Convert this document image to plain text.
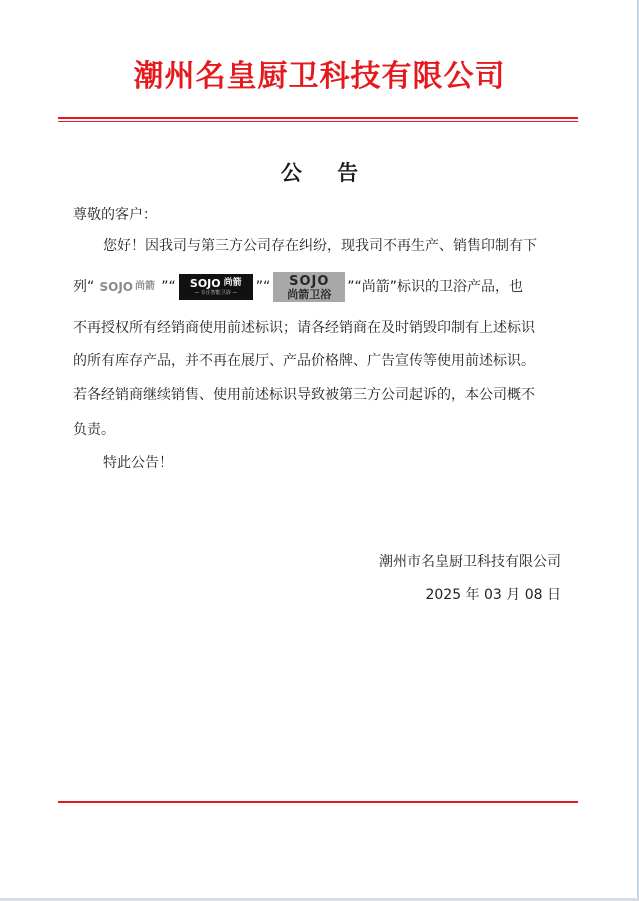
潮州名皇厨卫科技有限公司
公 告
尊敬的客户：
您好！因我司与第三方公司存在纠纷，现我司不再生产、销售印制有下
列“ SOJO 尚箭 ”“ SOJO 尚箭
— 专注智能卫浴 — ”“ SOJO
尚箭卫浴 ”“尚箭”标识的卫浴产品，也
不再授权所有经销商使用前述标识；请各经销商在及时销毁印制有上述标识
的所有库存产品，并不再在展厅、产品价格牌、广告宣传等使用前述标识。
若各经销商继续销售、使用前述标识导致被第三方公司起诉的，本公司概不
负责。
特此公告！
潮州市名皇厨卫科技有限公司
2025 年 03 月 08 日
